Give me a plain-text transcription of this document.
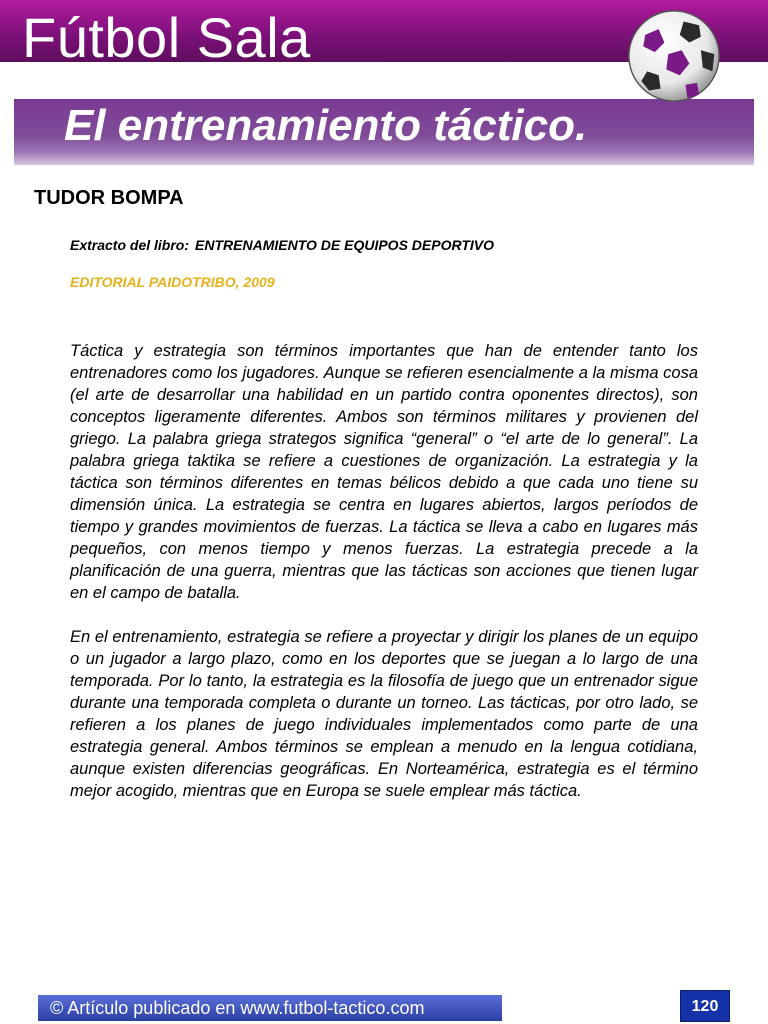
Fútbol Sala
El entrenamiento táctico.
TUDOR BOMPA
Extracto del libro: ENTRENAMIENTO DE EQUIPOS DEPORTIVO
EDITORIAL PAIDOTRIBO, 2009

Táctica y estrategia son términos importantes que han de entender tanto los entrenadores como los jugadores. Aunque se refieren esencialmente a la misma cosa (el arte de desarrollar una habilidad en un partido contra oponentes directos), son conceptos ligeramente diferentes. Ambos son términos militares y provienen del griego. La palabra griega strategos significa “general” o “el arte de lo general”. La palabra griega taktika se refiere a cuestiones de organización. La estrategia y la táctica son términos diferentes en temas bélicos debido a que cada uno tiene su dimensión única. La estrategia se centra en lugares abiertos, largos períodos de tiempo y grandes movimientos de fuerzas. La táctica se lleva a cabo en lugares más pequeños, con menos tiempo y menos fuerzas. La estrategia precede a la planificación de una guerra, mientras que las tácticas son acciones que tienen lugar en el campo de batalla.

En el entrenamiento, estrategia se refiere a proyectar y dirigir los planes de un equipo o un jugador a largo plazo, como en los deportes que se juegan a lo largo de una temporada. Por lo tanto, la estrategia es la filosofía de juego que un entrenador sigue durante una temporada completa o durante un torneo. Las tácticas, por otro lado, se refieren a los planes de juego individuales implementados como parte de una estrategia general. Ambos términos se emplean a menudo en la lengua cotidiana, aunque existen diferencias geográficas. En Norteamérica, estrategia es el término mejor acogido, mientras que en Europa se suele emplear más táctica.

© Artículo publicado en www.futbol-tactico.com	120
